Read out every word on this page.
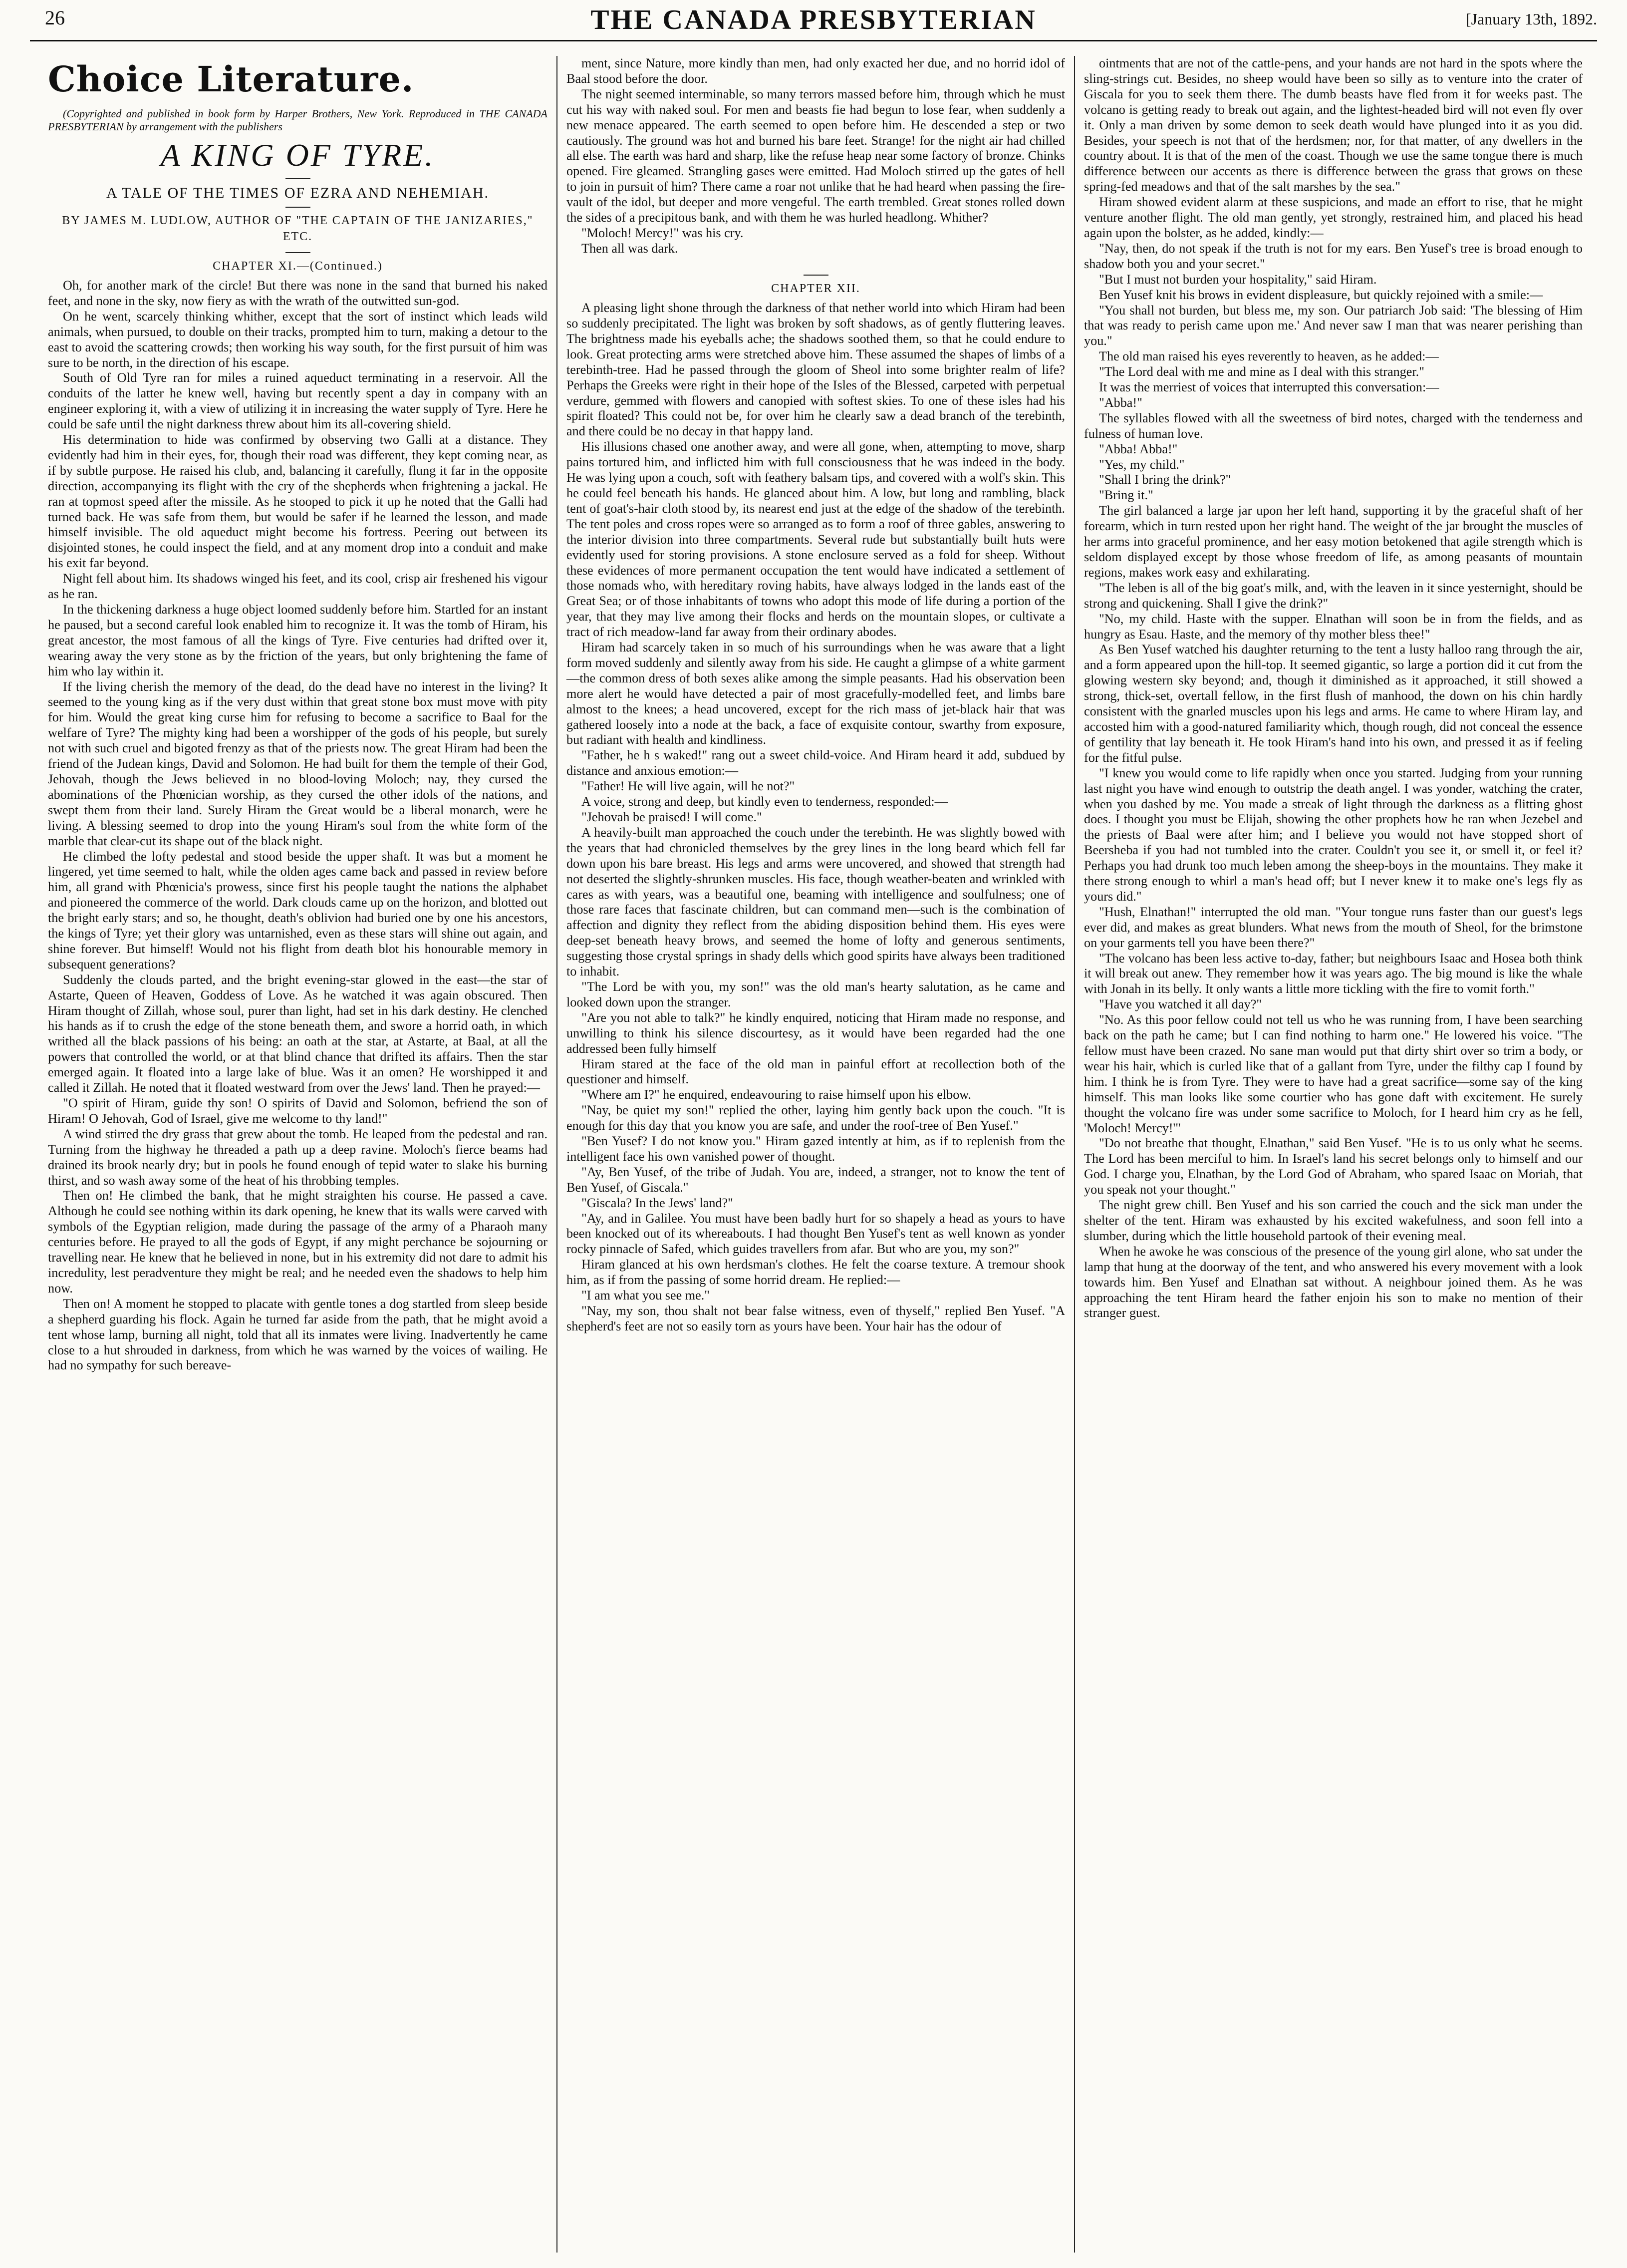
26	THE CANADA PRESBYTERIAN	[January 13th, 1892.
Choice Literature.

(Copyrighted and published in book form by Harper Brothers, New York. Reproduced in THE CANADA PRESBYTERIAN by arrangement with the publishers

A KING OF TYRE.
A TALE OF THE TIMES OF EZRA AND NEHEMIAH.
BY JAMES M. LUDLOW, AUTHOR OF "THE CAPTAIN OF THE JANIZARIES," ETC.
CHAPTER XI.—(Continued.)

Oh, for another mark of the circle! But there was none in the sand that burned his naked feet, and none in the sky, now fiery as with the wrath of the outwitted sun-god.

On he went, scarcely thinking whither, except that the sort of instinct which leads wild animals, when pursued, to double on their tracks, prompted him to turn, making a detour to the east to avoid the scattering crowds; then working his way south, for the first pursuit of him was sure to be north, in the direction of his escape.

South of Old Tyre ran for miles a ruined aqueduct terminating in a reservoir. All the conduits of the latter he knew well, having but recently spent a day in company with an engineer exploring it, with a view of utilizing it in increasing the water supply of Tyre. Here he could be safe until the night darkness threw about him its all-covering shield.

His determination to hide was confirmed by observing two Galli at a distance. They evidently had him in their eyes, for, though their road was different, they kept coming near, as if by subtle purpose. He raised his club, and, balancing it carefully, flung it far in the opposite direction, accompanying its flight with the cry of the shepherds when frightening a jackal. He ran at topmost speed after the missile. As he stooped to pick it up he noted that the Galli had turned back. He was safe from them, but would be safer if he learned the lesson, and made himself invisible. The old aqueduct might become his fortress. Peering out between its disjointed stones, he could inspect the field, and at any moment drop into a conduit and make his exit far beyond.

Night fell about him. Its shadows winged his feet, and its cool, crisp air freshened his vigour as he ran.

In the thickening darkness a huge object loomed suddenly before him. Startled for an instant he paused, but a second careful look enabled him to recognize it. It was the tomb of Hiram, his great ancestor, the most famous of all the kings of Tyre. Five centuries had drifted over it, wearing away the very stone as by the friction of the years, but only brightening the fame of him who lay within it.

If the living cherish the memory of the dead, do the dead have no interest in the living? It seemed to the young king as if the very dust within that great stone box must move with pity for him. Would the great king curse him for refusing to become a sacrifice to Baal for the welfare of Tyre? The mighty king had been a worshipper of the gods of his people, but surely not with such cruel and bigoted frenzy as that of the priests now. The great Hiram had been the friend of the Judean kings, David and Solomon. He had built for them the temple of their God, Jehovah, though the Jews believed in no blood-loving Moloch; nay, they cursed the abominations of the Phœnician worship, as they cursed the other idols of the nations, and swept them from their land. Surely Hiram the Great would be a liberal monarch, were he living. A blessing seemed to drop into the young Hiram's soul from the white form of the marble that clear-cut its shape out of the black night.

He climbed the lofty pedestal and stood beside the upper shaft. It was but a moment he lingered, yet time seemed to halt, while the olden ages came back and passed in review before him, all grand with Phœnicia's prowess, since first his people taught the nations the alphabet and pioneered the commerce of the world. Dark clouds came up on the horizon, and blotted out the bright early stars; and so, he thought, death's oblivion had buried one by one his ancestors, the kings of Tyre; yet their glory was untarnished, even as these stars will shine out again, and shine forever. But himself! Would not his flight from death blot his honourable memory in subsequent generations?

Suddenly the clouds parted, and the bright evening-star glowed in the east—the star of Astarte, Queen of Heaven, Goddess of Love. As he watched it was again obscured. Then Hiram thought of Zillah, whose soul, purer than light, had set in his dark destiny. He clenched his hands as if to crush the edge of the stone beneath them, and swore a horrid oath, in which writhed all the black passions of his being: an oath at the star, at Astarte, at Baal, at all the powers that controlled the world, or at that blind chance that drifted its affairs. Then the star emerged again. It floated into a large lake of blue. Was it an omen? He worshipped it and called it Zillah. He noted that it floated westward from over the Jews' land. Then he prayed:—

"O spirit of Hiram, guide thy son! O spirits of David and Solomon, befriend the son of Hiram! O Jehovah, God of Israel, give me welcome to thy land!"

A wind stirred the dry grass that grew about the tomb. He leaped from the pedestal and ran. Turning from the highway he threaded a path up a deep ravine. Moloch's fierce beams had drained its brook nearly dry; but in pools he found enough of tepid water to slake his burning thirst, and so wash away some of the heat of his throbbing temples.

Then on! He climbed the bank, that he might straighten his course. He passed a cave. Although he could see nothing within its dark opening, he knew that its walls were carved with symbols of the Egyptian religion, made during the passage of the army of a Pharaoh many centuries before. He prayed to all the gods of Egypt, if any might perchance be sojourning or travelling near. He knew that he believed in none, but in his extremity did not dare to admit his incredulity, lest peradventure they might be real; and he needed even the shadows to help him now.

Then on! A moment he stopped to placate with gentle tones a dog startled from sleep beside a shepherd guarding his flock. Again he turned far aside from the path, that he might avoid a tent whose lamp, burning all night, told that all its inmates were living. Inadvertently he came close to a hut shrouded in darkness, from which he was warned by the voices of wailing. He had no sympathy for such bereave-

ment, since Nature, more kindly than men, had only exacted her due, and no horrid idol of Baal stood before the door.

The night seemed interminable, so many terrors massed before him, through which he must cut his way with naked soul. For men and beasts fie had begun to lose fear, when suddenly a new menace appeared. The earth seemed to open before him. He descended a step or two cautiously. The ground was hot and burned his bare feet. Strange! for the night air had chilled all else. The earth was hard and sharp, like the refuse heap near some factory of bronze. Chinks opened. Fire gleamed. Strangling gases were emitted. Had Moloch stirred up the gates of hell to join in pursuit of him? There came a roar not unlike that he had heard when passing the fire-vault of the idol, but deeper and more vengeful. The earth trembled. Great stones rolled down the sides of a precipitous bank, and with them he was hurled headlong. Whither?

"Moloch! Mercy!" was his cry.

Then all was dark.

CHAPTER XII.

A pleasing light shone through the darkness of that nether world into which Hiram had been so suddenly precipitated. The light was broken by soft shadows, as of gently fluttering leaves. The brightness made his eyeballs ache; the shadows soothed them, so that he could endure to look. Great protecting arms were stretched above him. These assumed the shapes of limbs of a terebinth-tree. Had he passed through the gloom of Sheol into some brighter realm of life? Perhaps the Greeks were right in their hope of the Isles of the Blessed, carpeted with perpetual verdure, gemmed with flowers and canopied with softest skies. To one of these isles had his spirit floated? This could not be, for over him he clearly saw a dead branch of the terebinth, and there could be no decay in that happy land.

His illusions chased one another away, and were all gone, when, attempting to move, sharp pains tortured him, and inflicted him with full consciousness that he was indeed in the body. He was lying upon a couch, soft with feathery balsam tips, and covered with a wolf's skin. This he could feel beneath his hands. He glanced about him. A low, but long and rambling, black tent of goat's-hair cloth stood by, its nearest end just at the edge of the shadow of the terebinth. The tent poles and cross ropes were so arranged as to form a roof of three gables, answering to the interior division into three compartments. Several rude but substantially built huts were evidently used for storing provisions. A stone enclosure served as a fold for sheep. Without these evidences of more permanent occupation the tent would have indicated a settlement of those nomads who, with hereditary roving habits, have always lodged in the lands east of the Great Sea; or of those inhabitants of towns who adopt this mode of life during a portion of the year, that they may live among their flocks and herds on the mountain slopes, or cultivate a tract of rich meadow-land far away from their ordinary abodes.

Hiram had scarcely taken in so much of his surroundings when he was aware that a light form moved suddenly and silently away from his side. He caught a glimpse of a white garment—the common dress of both sexes alike among the simple peasants. Had his observation been more alert he would have detected a pair of most gracefully-modelled feet, and limbs bare almost to the knees; a head uncovered, except for the rich mass of jet-black hair that was gathered loosely into a node at the back, a face of exquisite contour, swarthy from exposure, but radiant with health and kindliness.

"Father, he h s waked!" rang out a sweet child-voice. And Hiram heard it add, subdued by distance and anxious emotion:—

"Father! He will live again, will he not?"

A voice, strong and deep, but kindly even to tenderness, responded:—

"Jehovah be praised! I will come."

A heavily-built man approached the couch under the terebinth. He was slightly bowed with the years that had chronicled themselves by the grey lines in the long beard which fell far down upon his bare breast. His legs and arms were uncovered, and showed that strength had not deserted the slightly-shrunken muscles. His face, though weather-beaten and wrinkled with cares as with years, was a beautiful one, beaming with intelligence and soulfulness; one of those rare faces that fascinate children, but can command men—such is the combination of affection and dignity they reflect from the abiding disposition behind them. His eyes were deep-set beneath heavy brows, and seemed the home of lofty and generous sentiments, suggesting those crystal springs in shady dells which good spirits have always been traditioned to inhabit.

"The Lord be with you, my son!" was the old man's hearty salutation, as he came and looked down upon the stranger.

"Are you not able to talk?" he kindly enquired, noticing that Hiram made no response, and unwilling to think his silence discourtesy, as it would have been regarded had the one addressed been fully himself

Hiram stared at the face of the old man in painful effort at recollection both of the questioner and himself.

"Where am I?" he enquired, endeavouring to raise himself upon his elbow.

"Nay, be quiet my son!" replied the other, laying him gently back upon the couch. "It is enough for this day that you know you are safe, and under the roof-tree of Ben Yusef."

"Ben Yusef? I do not know you." Hiram gazed intently at him, as if to replenish from the intelligent face his own vanished power of thought.

"Ay, Ben Yusef, of the tribe of Judah. You are, indeed, a stranger, not to know the tent of Ben Yusef, of Giscala."

"Giscala? In the Jews' land?"

"Ay, and in Galilee. You must have been badly hurt for so shapely a head as yours to have been knocked out of its whereabouts. I had thought Ben Yusef's tent as well known as yonder rocky pinnacle of Safed, which guides travellers from afar. But who are you, my son?"

Hiram glanced at his own herdsman's clothes. He felt the coarse texture. A tremour shook him, as if from the passing of some horrid dream. He replied:—

"I am what you see me."

"Nay, my son, thou shalt not bear false witness, even of thyself," replied Ben Yusef. "A shepherd's feet are not so easily torn as yours have been. Your hair has the odour of

ointments that are not of the cattle-pens, and your hands are not hard in the spots where the sling-strings cut. Besides, no sheep would have been so silly as to venture into the crater of Giscala for you to seek them there. The dumb beasts have fled from it for weeks past. The volcano is getting ready to break out again, and the lightest-headed bird will not even fly over it. Only a man driven by some demon to seek death would have plunged into it as you did. Besides, your speech is not that of the herdsmen; nor, for that matter, of any dwellers in the country about. It is that of the men of the coast. Though we use the same tongue there is much difference between our accents as there is difference between the grass that grows on these spring-fed meadows and that of the salt marshes by the sea."

Hiram showed evident alarm at these suspicions, and made an effort to rise, that he might venture another flight. The old man gently, yet strongly, restrained him, and placed his head again upon the bolster, as he added, kindly:—

"Nay, then, do not speak if the truth is not for my ears. Ben Yusef's tree is broad enough to shadow both you and your secret."

"But I must not burden your hospitality," said Hiram.

Ben Yusef knit his brows in evident displeasure, but quickly rejoined with a smile:—

"You shall not burden, but bless me, my son. Our patriarch Job said: 'The blessing of Him that was ready to perish came upon me.' And never saw I man that was nearer perishing than you."

The old man raised his eyes reverently to heaven, as he added:—

"The Lord deal with me and mine as I deal with this stranger."

It was the merriest of voices that interrupted this conversation:—

"Abba!"

The syllables flowed with all the sweetness of bird notes, charged with the tenderness and fulness of human love.

"Abba! Abba!"

"Yes, my child."

"Shall I bring the drink?"

"Bring it."

The girl balanced a large jar upon her left hand, supporting it by the graceful shaft of her forearm, which in turn rested upon her right hand. The weight of the jar brought the muscles of her arms into graceful prominence, and her easy motion betokened that agile strength which is seldom displayed except by those whose freedom of life, as among peasants of mountain regions, makes work easy and exhilarating.

"The leben is all of the big goat's milk, and, with the leaven in it since yesternight, should be strong and quickening. Shall I give the drink?"

"No, my child. Haste with the supper. Elnathan will soon be in from the fields, and as hungry as Esau. Haste, and the memory of thy mother bless thee!"

As Ben Yusef watched his daughter returning to the tent a lusty halloo rang through the air, and a form appeared upon the hill-top. It seemed gigantic, so large a portion did it cut from the glowing western sky beyond; and, though it diminished as it approached, it still showed a strong, thick-set, overtall fellow, in the first flush of manhood, the down on his chin hardly consistent with the gnarled muscles upon his legs and arms. He came to where Hiram lay, and accosted him with a good-natured familiarity which, though rough, did not conceal the essence of gentility that lay beneath it. He took Hiram's hand into his own, and pressed it as if feeling for the fitful pulse.

"I knew you would come to life rapidly when once you started. Judging from your running last night you have wind enough to outstrip the death angel. I was yonder, watching the crater, when you dashed by me. You made a streak of light through the darkness as a flitting ghost does. I thought you must be Elijah, showing the other prophets how he ran when Jezebel and the priests of Baal were after him; and I believe you would not have stopped short of Beersheba if you had not tumbled into the crater. Couldn't you see it, or smell it, or feel it? Perhaps you had drunk too much leben among the sheep-boys in the mountains. They make it there strong enough to whirl a man's head off; but I never knew it to make one's legs fly as yours did."

"Hush, Elnathan!" interrupted the old man. "Your tongue runs faster than our guest's legs ever did, and makes as great blunders. What news from the mouth of Sheol, for the brimstone on your garments tell you have been there?"

"The volcano has been less active to-day, father; but neighbours Isaac and Hosea both think it will break out anew. They remember how it was years ago. The big mound is like the whale with Jonah in its belly. It only wants a little more tickling with the fire to vomit forth."

"Have you watched it all day?"

"No. As this poor fellow could not tell us who he was running from, I have been searching back on the path he came; but I can find nothing to harm one." He lowered his voice. "The fellow must have been crazed. No sane man would put that dirty shirt over so trim a body, or wear his hair, which is curled like that of a gallant from Tyre, under the filthy cap I found by him. I think he is from Tyre. They were to have had a great sacrifice—some say of the king himself. This man looks like some courtier who has gone daft with excitement. He surely thought the volcano fire was under some sacrifice to Moloch, for I heard him cry as he fell, 'Moloch! Mercy!'"

"Do not breathe that thought, Elnathan," said Ben Yusef. "He is to us only what he seems. The Lord has been merciful to him. In Israel's land his secret belongs only to himself and our God. I charge you, Elnathan, by the Lord God of Abraham, who spared Isaac on Moriah, that you speak not your thought."

The night grew chill. Ben Yusef and his son carried the couch and the sick man under the shelter of the tent. Hiram was exhausted by his excited wakefulness, and soon fell into a slumber, during which the little household partook of their evening meal.

When he awoke he was conscious of the presence of the young girl alone, who sat under the lamp that hung at the doorway of the tent, and who answered his every movement with a look towards him. Ben Yusef and Elnathan sat without. A neighbour joined them. As he was approaching the tent Hiram heard the father enjoin his son to make no mention of their stranger guest.
